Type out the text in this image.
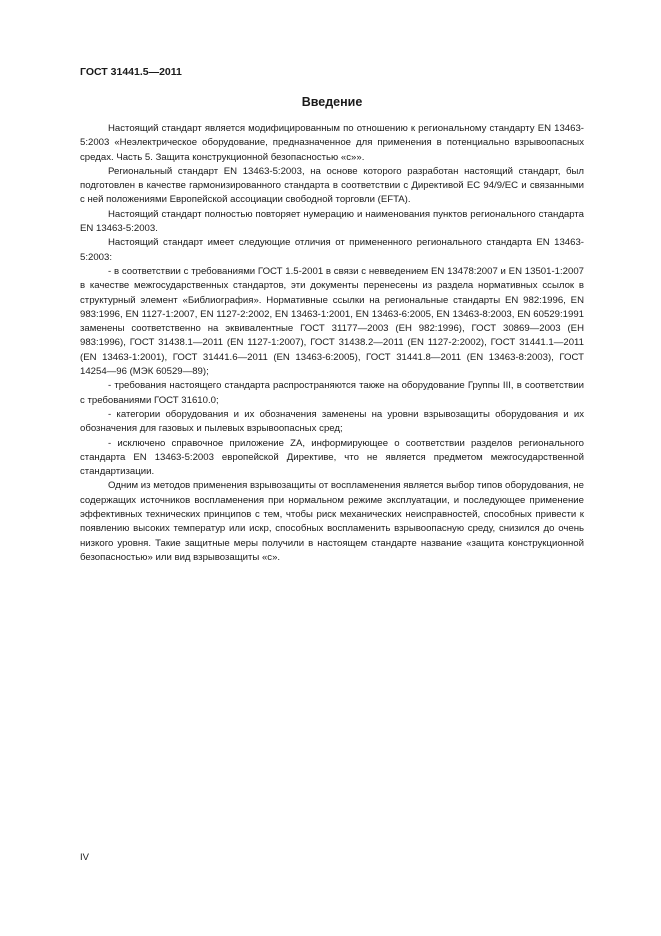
ГОСТ 31441.5—2011
Введение

Настоящий стандарт является модифицированным по отношению к региональному стандарту EN 13463-5:2003 «Неэлектрическое оборудование, предназначенное для применения в потенциально взрывоопасных средах. Часть 5. Защита конструкционной безопасностью «с»».

Региональный стандарт EN 13463-5:2003, на основе которого разработан настоящий стандарт, был подготовлен в качестве гармонизированного стандарта в соответствии с Директивой ЕС 94/9/ЕС и связанными с ней положениями Европейской ассоциации свободной торговли (EFTA).

Настоящий стандарт полностью повторяет нумерацию и наименования пунктов регионального стандарта EN 13463-5:2003.

Настоящий стандарт имеет следующие отличия от примененного регионального стандарта EN 13463-5:2003:

- в соответствии с требованиями ГОСТ 1.5-2001 в связи с невведением EN 13478:2007 и EN 13501-1:2007 в качестве межгосударственных стандартов, эти документы перенесены из раздела нормативных ссылок в структурный элемент «Библиография». Нормативные ссылки на региональные стандарты EN 982:1996, EN 983:1996, EN 1127-1:2007, EN 1127-2:2002, EN 13463-1:2001, EN 13463-6:2005, EN 13463-8:2003, EN 60529:1991 заменены соответственно на эквивалентные ГОСТ 31177—2003 (ЕН 982:1996), ГОСТ 30869—2003 (ЕН 983:1996), ГОСТ 31438.1—2011 (EN 1127-1:2007), ГОСТ 31438.2—2011 (EN 1127-2:2002), ГОСТ 31441.1—2011 (EN 13463-1:2001), ГОСТ 31441.6—2011 (EN 13463-6:2005), ГОСТ 31441.8—2011 (EN 13463-8:2003), ГОСТ 14254—96 (МЭК 60529—89);

- требования настоящего стандарта распространяются также на оборудование Группы III, в соответствии с требованиями ГОСТ 31610.0;

- категории оборудования и их обозначения заменены на уровни взрывозащиты оборудования и их обозначения для газовых и пылевых взрывоопасных сред;

- исключено справочное приложение ZA, информирующее о соответствии разделов регионального стандарта EN 13463-5:2003 европейской Директиве, что не является предметом межгосударственной стандартизации.

Одним из методов применения взрывозащиты от воспламенения является выбор типов оборудования, не содержащих источников воспламенения при нормальном режиме эксплуатации, и последующее применение эффективных технических принципов с тем, чтобы риск механических неисправностей, способных привести к появлению высоких температур или искр, способных воспламенить взрывоопасную среду, снизился до очень низкого уровня. Такие защитные меры получили в настоящем стандарте название «защита конструкционной безопасностью» или вид взрывозащиты «с».

IV
